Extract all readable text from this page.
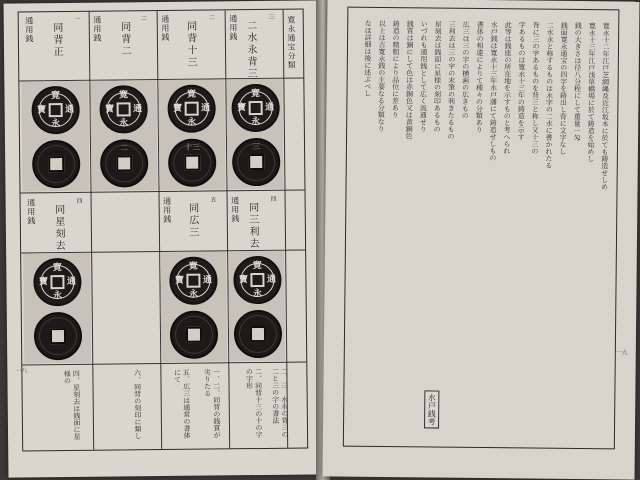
寛永通宝分類
三
二水永背三
通用銭
二
同背十三
通用銭
二
同背二
通用銭
一
同背正
通用銭
寛
永
通
寶
寛
永
通
寶
寛
永
通
寶
寛
永
通
寶
三
十三
二
四
同三利去
通用銭
五
同広三
通用銭
四
同星刻去
通用銭
寛
永
通
寶
寛
永
通
寶
寛
永
通
寶
二、三、水永の背三の二と三の字の書法
二、同背十三の十の字の字形
一、二、同背の銭質が劣りたる
五、広三は通常の書体にて
六、同背の刻印に類し
四、星刻去は銭面に星様の
一八
寛永十二年江戸芝網縄及近江坂本に於ても鋳造せしめ
寛永十三年江戸浅草橋場に於て鋳造を始めし
銭の大きさは径八分程にして重量一匁
銭面寛永通宝の四字を鋳出し背に文字なし
二水永と称するものは永字の二水に書かれたる
背に三の字あるものを背三と称し又十三の
字あるものは寛永十三年の鋳造を示す
此等は銭座の所在地を示すものと考へられ
水戸銭は寛永十三年水戸藩にて鋳造せしもの
書体の相違によりて種々の分類あり
広三は三の字の横画の広きもの
三利去は三の字の末筆の利きたるもの
星刻去は銭面に星様の刻印あるもの
いづれも通用銭として広く流通せり
銭質は銅にして色は赤銅色又は黄銅色
鋳造の精粗により品位に差あり
以上は古寛永銭の主要なる分類なり
なほ詳細は後に述ぶべし
水戸銭考
一九
